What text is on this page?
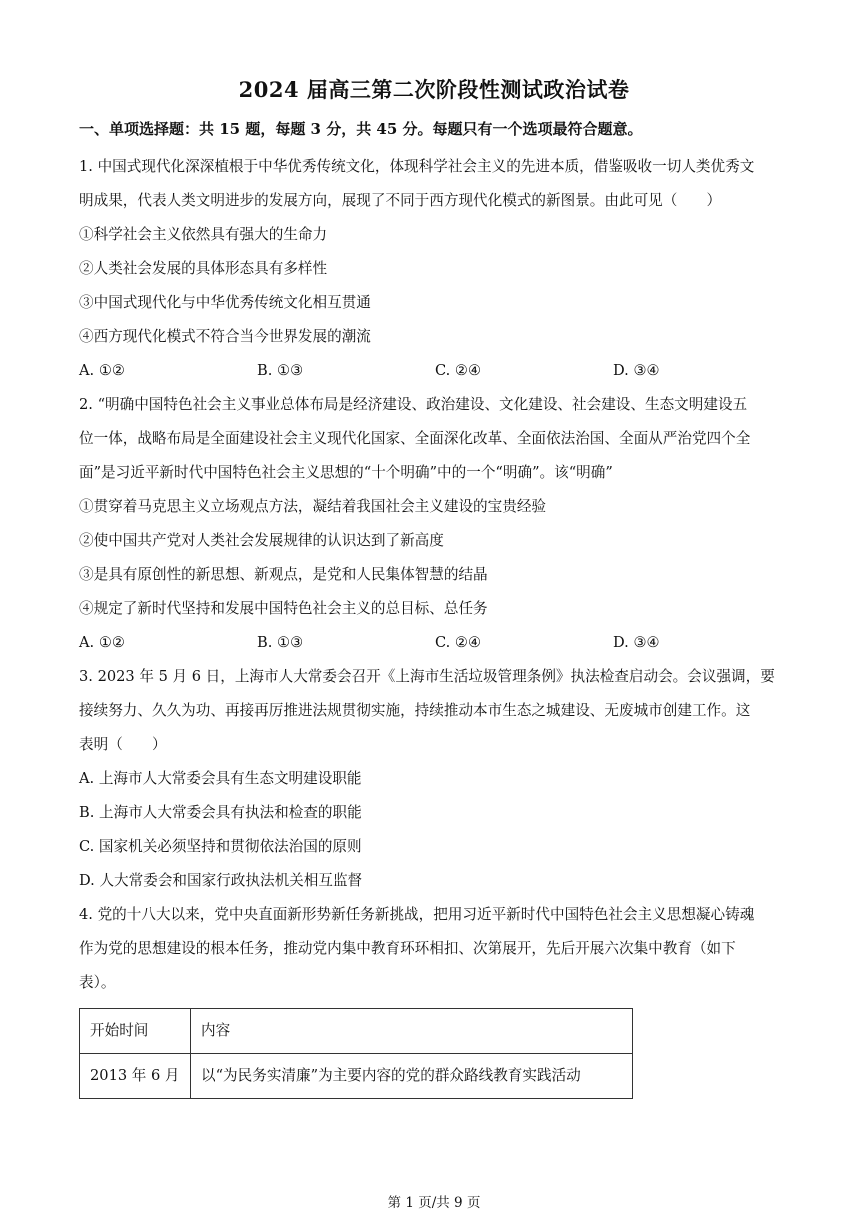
2024 届高三第二次阶段性测试政治试卷
一、单项选择题：共 15 题，每题 3 分，共 45 分。每题只有一个选项最符合题意。

1. 中国式现代化深深植根于中华优秀传统文化，体现科学社会主义的先进本质，借鉴吸收一切人类优秀文

明成果，代表人类文明进步的发展方向，展现了不同于西方现代化模式的新图景。由此可见（　　）

①科学社会主义依然具有强大的生命力

②人类社会发展的具体形态具有多样性

③中国式现代化与中华优秀传统文化相互贯通

④西方现代化模式不符合当今世界发展的潮流

A. ①②	B. ①③	C. ②④	D. ③④

2. “明确中国特色社会主义事业总体布局是经济建设、政治建设、文化建设、社会建设、生态文明建设五

位一体，战略布局是全面建设社会主义现代化国家、全面深化改革、全面依法治国、全面从严治党四个全

面”是习近平新时代中国特色社会主义思想的“十个明确”中的一个“明确”。该“明确”

①贯穿着马克思主义立场观点方法，凝结着我国社会主义建设的宝贵经验

②使中国共产党对人类社会发展规律的认识达到了新高度

③是具有原创性的新思想、新观点，是党和人民集体智慧的结晶

④规定了新时代坚持和发展中国特色社会主义的总目标、总任务

A. ①②	B. ①③	C. ②④	D. ③④

3. 2023 年 5 月 6 日，上海市人大常委会召开《上海市生活垃圾管理条例》执法检查启动会。会议强调，要

接续努力、久久为功、再接再厉推进法规贯彻实施，持续推动本市生态之城建设、无废城市创建工作。这

表明（　　）

A. 上海市人大常委会具有生态文明建设职能

B. 上海市人大常委会具有执法和检查的职能

C. 国家机关必须坚持和贯彻依法治国的原则

D. 人大常委会和国家行政执法机关相互监督

4. 党的十八大以来，党中央直面新形势新任务新挑战，把用习近平新时代中国特色社会主义思想凝心铸魂

作为党的思想建设的根本任务，推动党内集中教育环环相扣、次第展开，先后开展六次集中教育（如下

表）。

开始时间	内容
2013 年 6 月	以“为民务实清廉”为主要内容的党的群众路线教育实践活动
第 1 页/共 9 页
